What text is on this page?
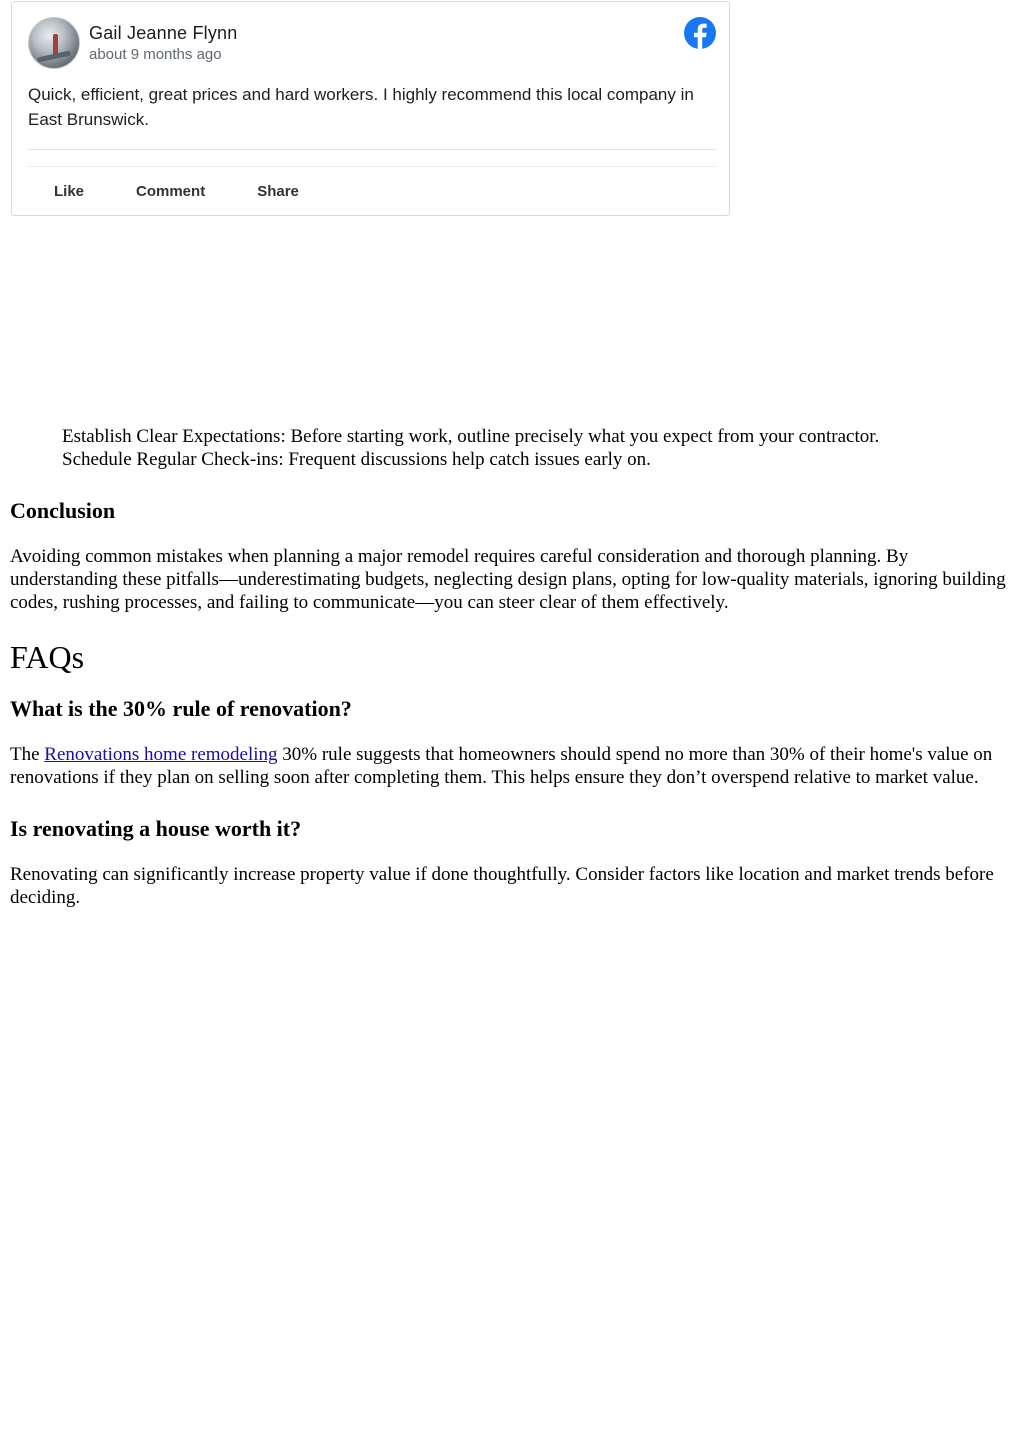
Gail Jeanne Flynn
about 9 months ago
Quick, efficient, great prices and hard workers. I highly recommend this local company in East Brunswick.
Like	Comment	Share
Establish Clear Expectations: Before starting work, outline precisely what you expect from your contractor.
Schedule Regular Check-ins: Frequent discussions help catch issues early on.
Conclusion

Avoiding common mistakes when planning a major remodel requires careful consideration and thorough planning. By understanding these pitfalls—underestimating budgets, neglecting design plans, opting for low-quality materials, ignoring building codes, rushing processes, and failing to communicate—you can steer clear of them effectively.

FAQs
What is the 30% rule of renovation?

The Renovations home remodeling 30% rule suggests that homeowners should spend no more than 30% of their home's value on renovations if they plan on selling soon after completing them. This helps ensure they don’t overspend relative to market value.

Is renovating a house worth it?

Renovating can significantly increase property value if done thoughtfully. Consider factors like location and market trends before deciding.
